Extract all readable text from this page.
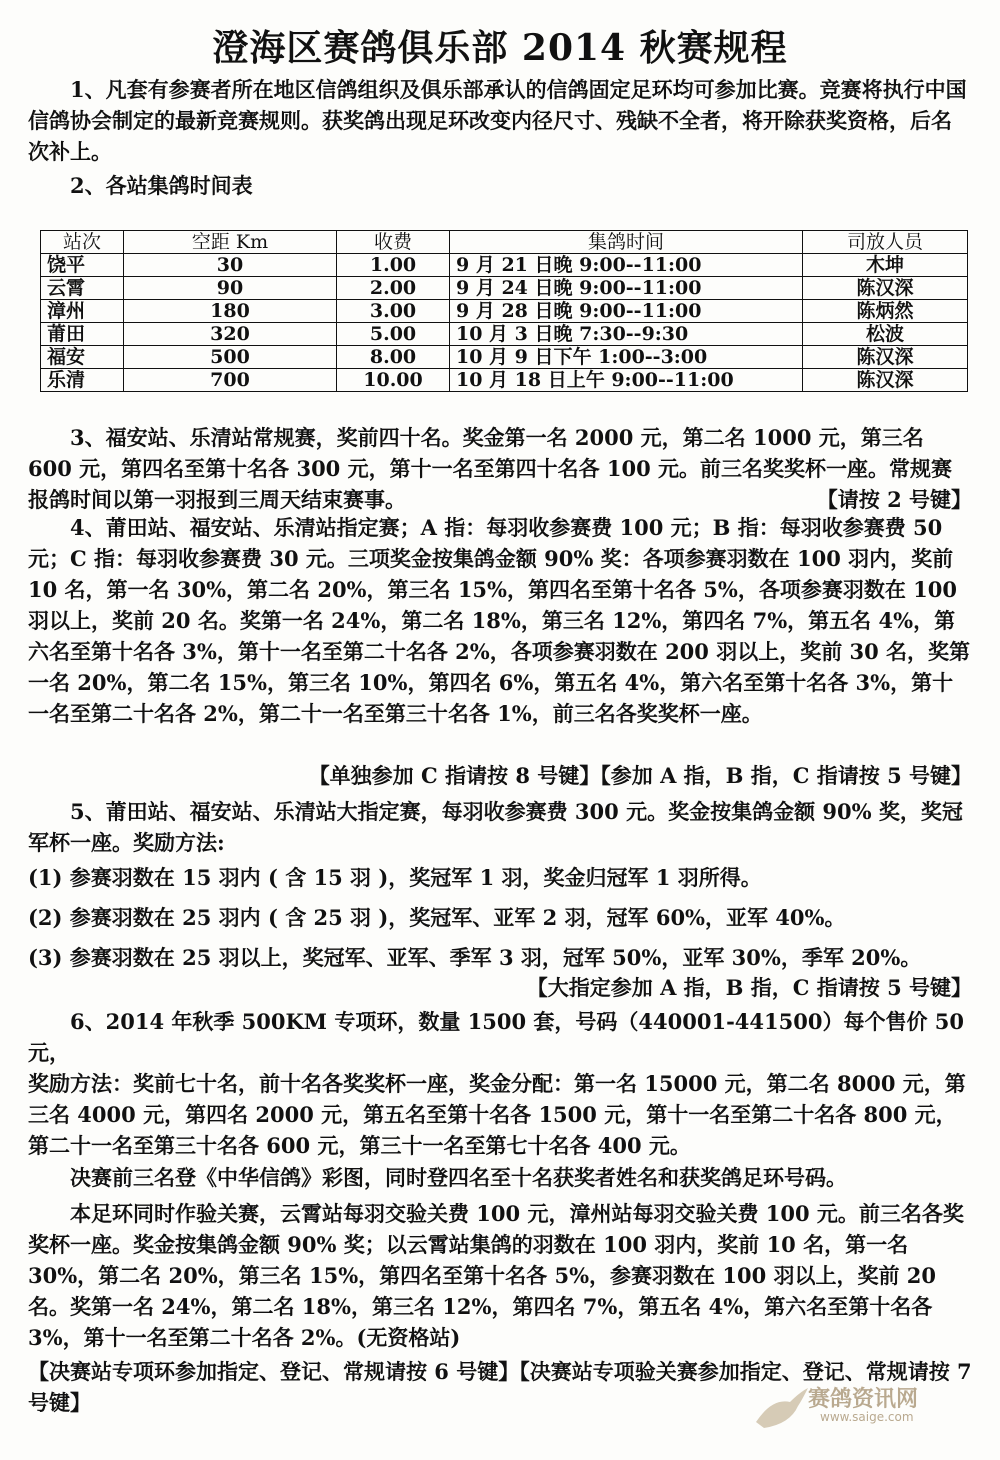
澄海区赛鸽俱乐部 2014 秋赛规程

1、凡套有参赛者所在地区信鸽组织及俱乐部承认的信鸽固定足环均可参加比赛。竞赛将执行中国信鸽协会制定的最新竞赛规则。获奖鸽出现足环改变内径尺寸、残缺不全者，将开除获奖资格，后名次补上。

2、各站集鸽时间表

站次	空距 Km	收费	集鸽时间	司放人员
饶平	30	1.00	9 月 21 日晚 9:00--11:00	木坤
云霄	90	2.00	9 月 24 日晚 9:00--11:00	陈汉深
漳州	180	3.00	9 月 28 日晚 9:00--11:00	陈炳然
莆田	320	5.00	10 月 3 日晚 7:30--9:30	松波
福安	500	8.00	10 月 9 日下午 1:00--3:00	陈汉深
乐清	700	10.00	10 月 18 日上午 9:00--11:00	陈汉深

3、福安站、乐清站常规赛，奖前四十名。奖金第一名 2000 元，第二名 1000 元，第三名 600 元，第四名至第十名各 300 元，第十一名至第四十名各 100 元。前三名奖奖杯一座。常规赛报鸽时间以第一羽报到三周天结束赛事。	【请按 2 号键】

4、莆田站、福安站、乐清站指定赛；A 指：每羽收参赛费 100 元；B 指：每羽收参赛费 50 元；C 指：每羽收参赛费 30 元。三项奖金按集鸽金额 90% 奖：各项参赛羽数在 100 羽内，奖前 10 名，第一名 30%，第二名 20%，第三名 15%，第四名至第十名各 5%，各项参赛羽数在 100 羽以上，奖前 20 名。奖第一名 24%，第二名 18%，第三名 12%，第四名 7%，第五名 4%，第六名至第十名各 3%，第十一名至第二十名各 2%，各项参赛羽数在 200 羽以上，奖前 30 名，奖第一名 20%，第二名 15%，第三名 10%，第四名 6%，第五名 4%，第六名至第十名各 3%，第十一名至第二十名各 2%，第二十一名至第三十名各 1%，前三名各奖奖杯一座。

【单独参加 C 指请按 8 号键】【参加 A 指，B 指，C 指请按 5 号键】

5、莆田站、福安站、乐清站大指定赛，每羽收参赛费 300 元。奖金按集鸽金额 90% 奖，奖冠军杯一座。奖励方法:

(1) 参赛羽数在 15 羽内 ( 含 15 羽 )，奖冠军 1 羽，奖金归冠军 1 羽所得。

(2) 参赛羽数在 25 羽内 ( 含 25 羽 )，奖冠军、亚军 2 羽，冠军 60%，亚军 40%。

(3) 参赛羽数在 25 羽以上，奖冠军、亚军、季军 3 羽，冠军 50%，亚军 30%，季军 20%。

【大指定参加 A 指，B 指，C 指请按 5 号键】

6、2014 年秋季 500KM 专项环，数量 1500 套，号码（440001-441500）每个售价 50 元，

奖励方法：奖前七十名，前十名各奖奖杯一座，奖金分配：第一名 15000 元，第二名 8000 元，第三名 4000 元，第四名 2000 元，第五名至第十名各 1500 元，第十一名至第二十名各 800 元，第二十一名至第三十名各 600 元，第三十一名至第七十名各 400 元。

决赛前三名登《中华信鸽》彩图，同时登四名至十名获奖者姓名和获奖鸽足环号码。

本足环同时作验关赛，云霄站每羽交验关费 100 元，漳州站每羽交验关费 100 元。前三名各奖奖杯一座。奖金按集鸽金额 90% 奖；以云霄站集鸽的羽数在 100 羽内，奖前 10 名，第一名 30%，第二名 20%，第三名 15%，第四名至第十名各 5%，参赛羽数在 100 羽以上，奖前 20 名。奖第一名 24%，第二名 18%，第三名 12%，第四名 7%，第五名 4%，第六名至第十名各 3%，第十一名至第二十名各 2%。(无资格站)

【决赛站专项环参加指定、登记、常规请按 6 号键】【决赛站专项验关赛参加指定、登记、常规请按 7 号键】	赛鸽资讯网
www.saige.com
